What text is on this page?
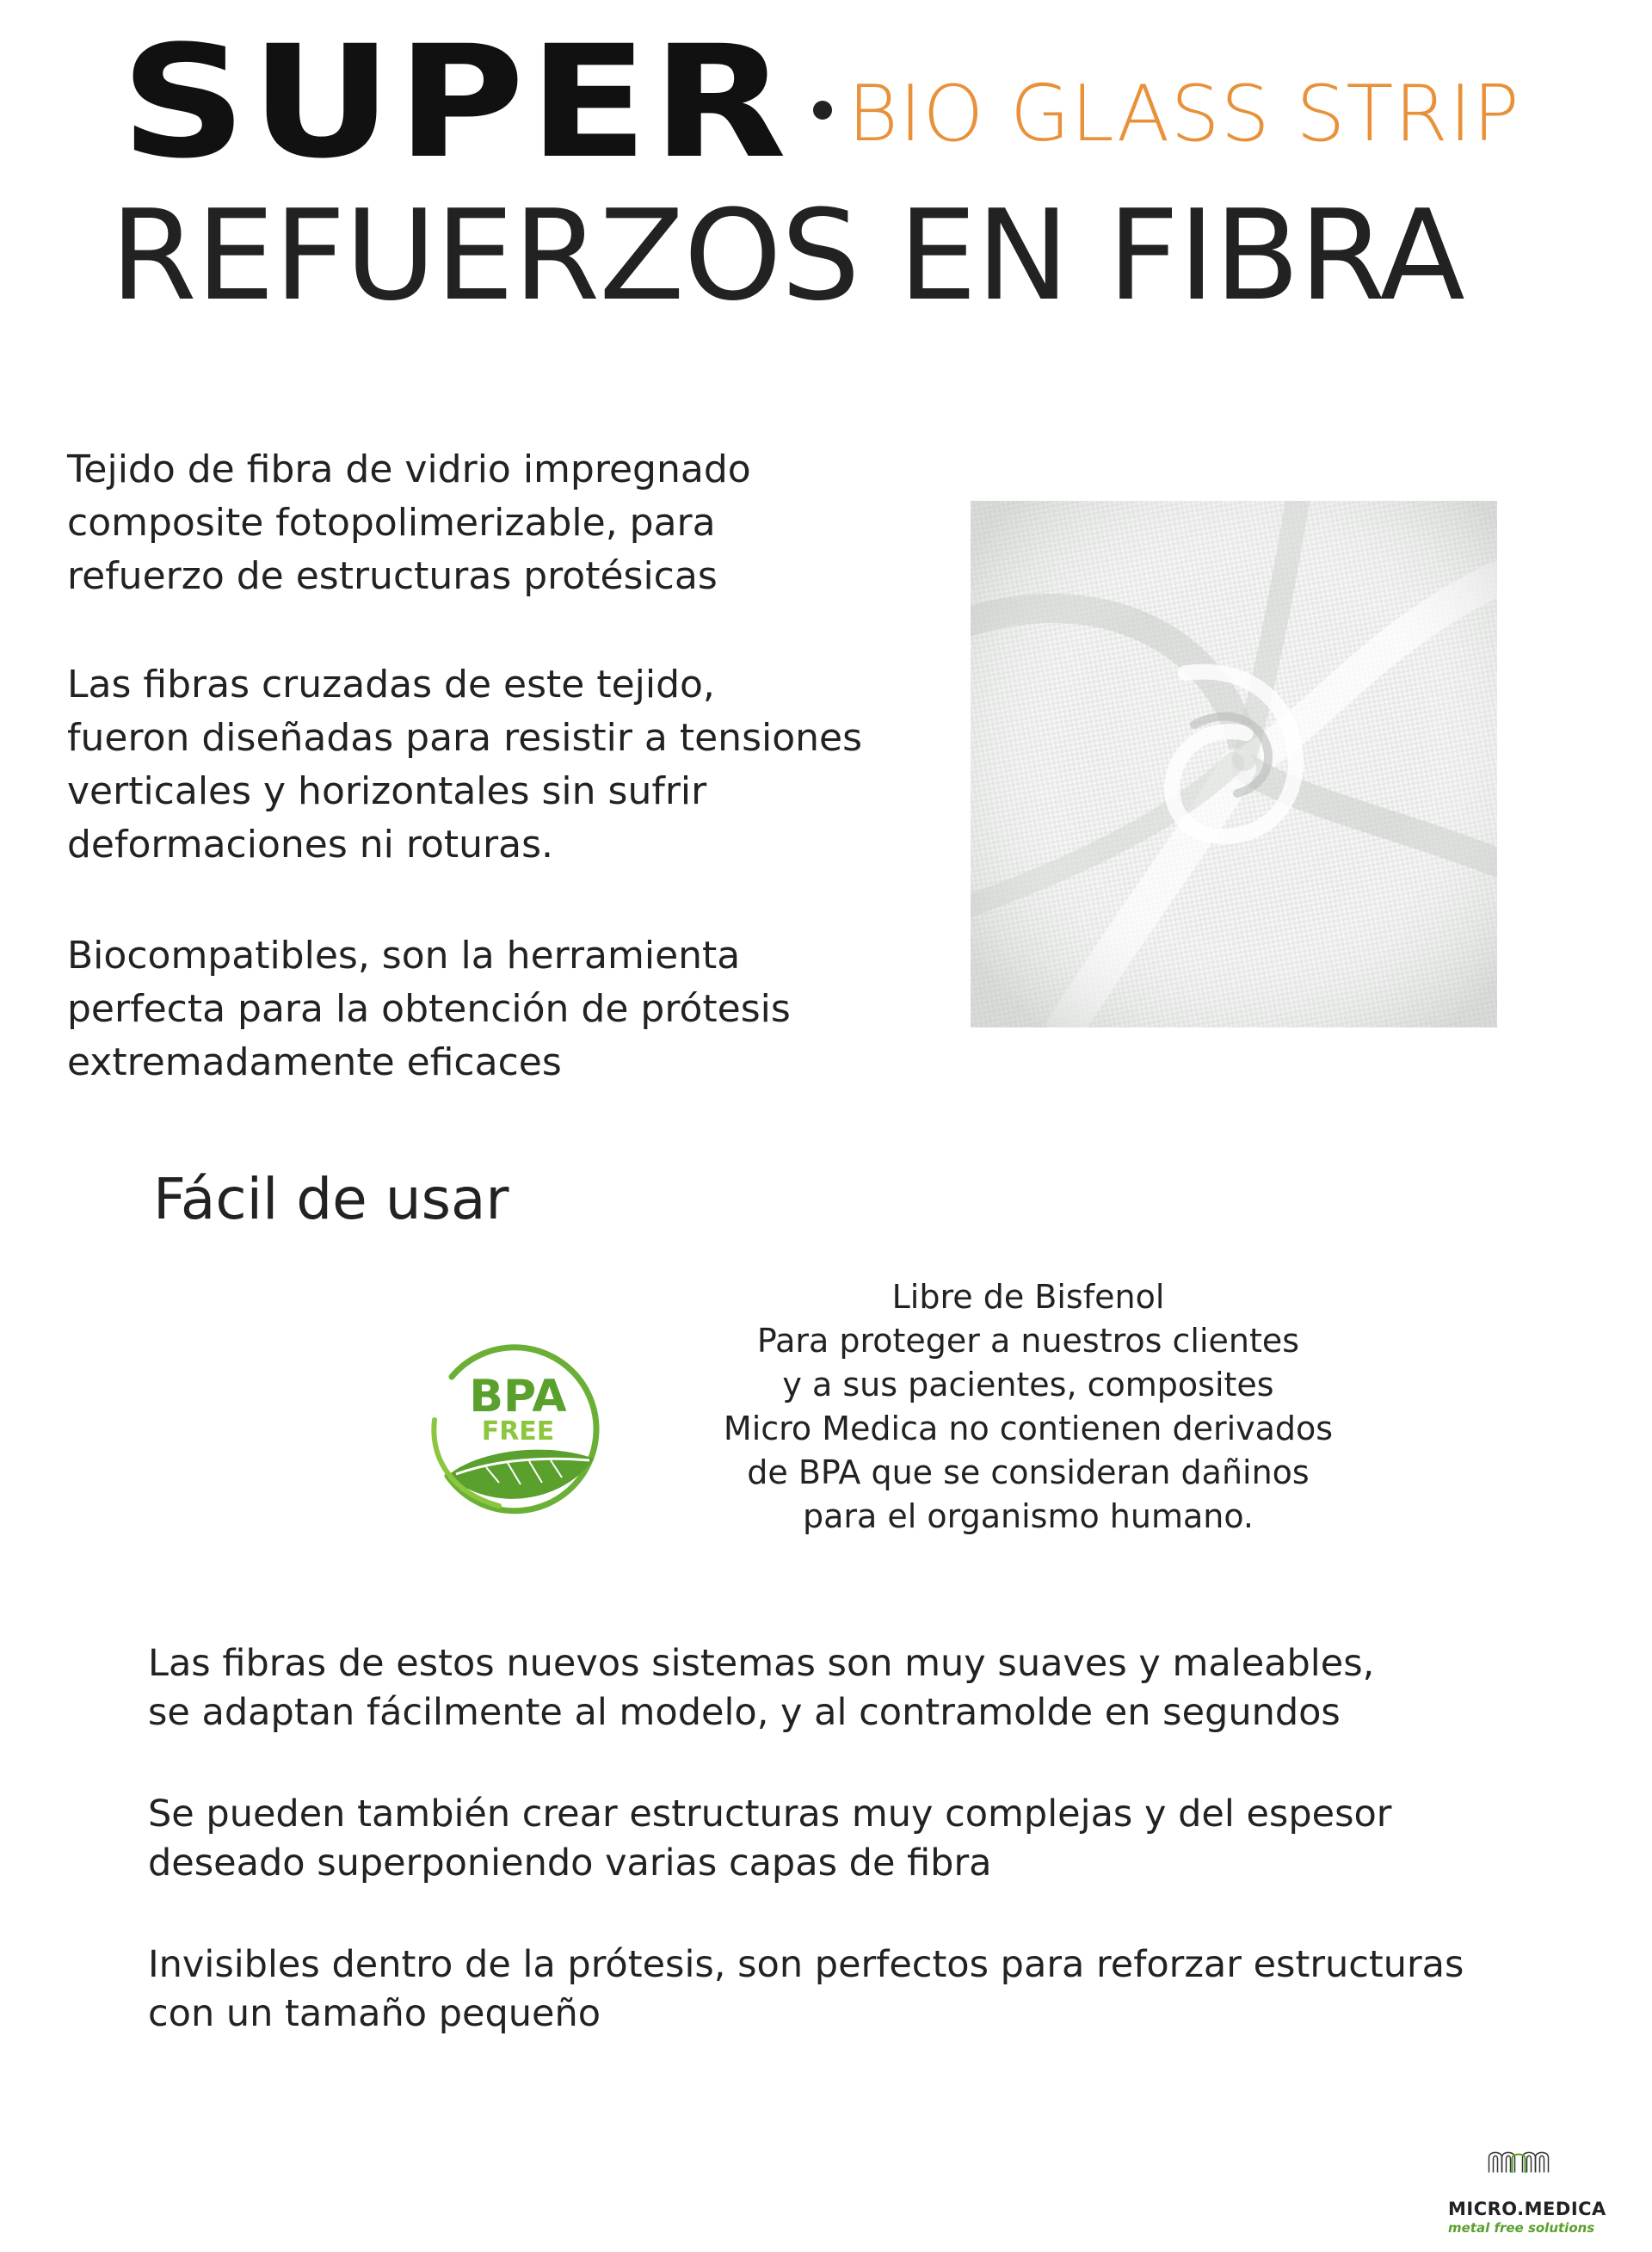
SUPER BIO GLASS STRIP
REFUERZOS EN FIBRA
Tejido de fibra de vidrio impregnado
composite fotopolimerizable, para
refuerzo de estructuras protésicas
Las fibras cruzadas de este tejido,
fueron diseñadas para resistir a tensiones
verticales y horizontales sin sufrir
deformaciones ni roturas.
Biocompatibles, son la herramienta
perfecta para la obtención de prótesis
extremadamente eficaces
Fácil de usar
BPA
FREE
Libre de Bisfenol
Para proteger a nuestros clientes
y a sus pacientes, composites
Micro Medica no contienen derivados
de BPA que se consideran dañinos
para el organismo humano.
Las fibras de estos nuevos sistemas son muy suaves y maleables,
se adaptan fácilmente al modelo, y al contramolde en segundos
Se pueden también crear estructuras muy complejas y del espesor
deseado superponiendo varias capas de fibra
Invisibles dentro de la prótesis, son perfectos para reforzar estructuras
con un tamaño pequeño
MICRO.MEDICA
metal free solutions
